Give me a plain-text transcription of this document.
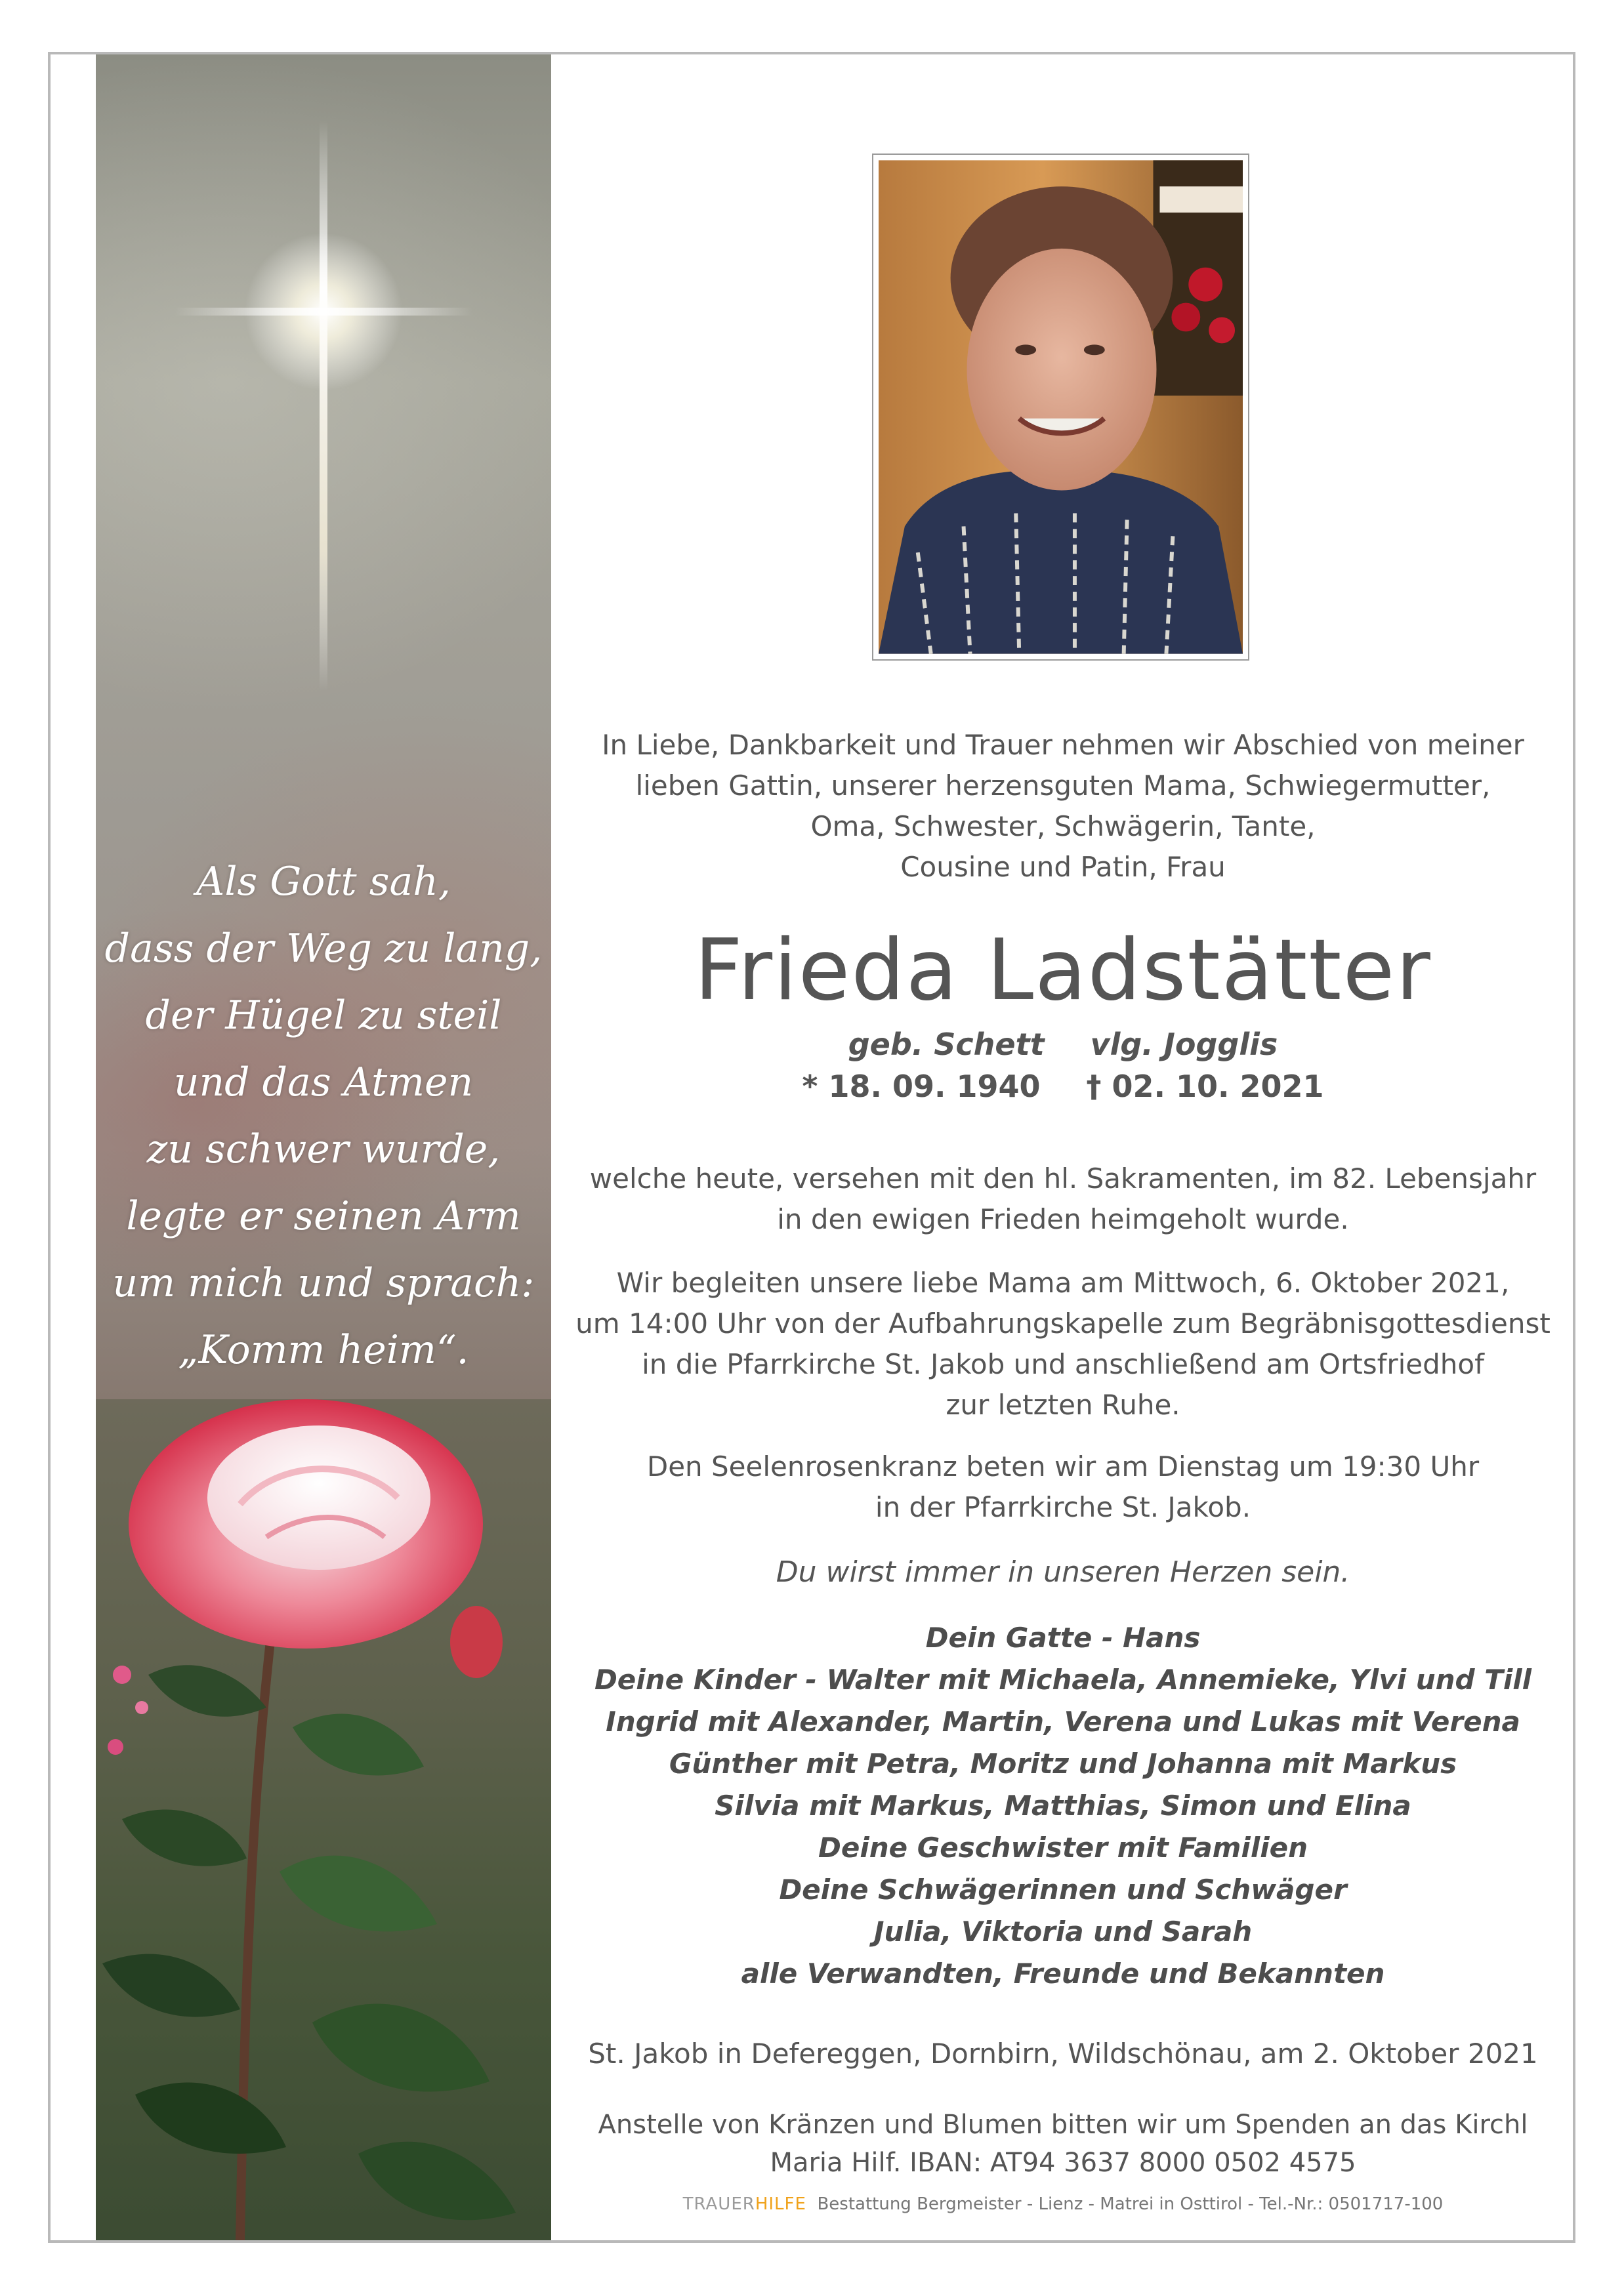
Als Gott sah,
dass der Weg zu lang,
der Hügel zu steil
und das Atmen
zu schwer wurde,
legte er seinen Arm
um mich und sprach:
„Komm heim“.
In Liebe, Dankbarkeit und Trauer nehmen wir Abschied von meiner
lieben Gattin, unserer herzensguten Mama, Schwiegermutter,
Oma, Schwester, Schwägerin, Tante,
Cousine und Patin, Frau
Frieda Ladstätter
geb. Schett vlg. Jogglis
* 18. 09. 1940 † 02. 10. 2021
welche heute, versehen mit den hl. Sakramenten, im 82. Lebensjahr
in den ewigen Frieden heimgeholt wurde.
Wir begleiten unsere liebe Mama am Mittwoch, 6. Oktober 2021,
um 14:00 Uhr von der Aufbahrungskapelle zum Begräbnisgottesdienst
in die Pfarrkirche St. Jakob und anschließend am Ortsfriedhof
zur letzten Ruhe.
Den Seelenrosenkranz beten wir am Dienstag um 19:30 Uhr
in der Pfarrkirche St. Jakob.
Du wirst immer in unseren Herzen sein.
Dein Gatte - Hans
Deine Kinder - Walter mit Michaela, Annemieke, Ylvi und Till
Ingrid mit Alexander, Martin, Verena und Lukas mit Verena
Günther mit Petra, Moritz und Johanna mit Markus
Silvia mit Markus, Matthias, Simon und Elina
Deine Geschwister mit Familien
Deine Schwägerinnen und Schwäger
Julia, Viktoria und Sarah
alle Verwandten, Freunde und Bekannten
St. Jakob in Defereggen, Dornbirn, Wildschönau, am 2. Oktober 2021
Anstelle von Kränzen und Blumen bitten wir um Spenden an das Kirchl
Maria Hilf. IBAN: AT94 3637 8000 0502 4575
TRAUERHILFE Bestattung Bergmeister - Lienz - Matrei in Osttirol - Tel.-Nr.: 0501717-100
